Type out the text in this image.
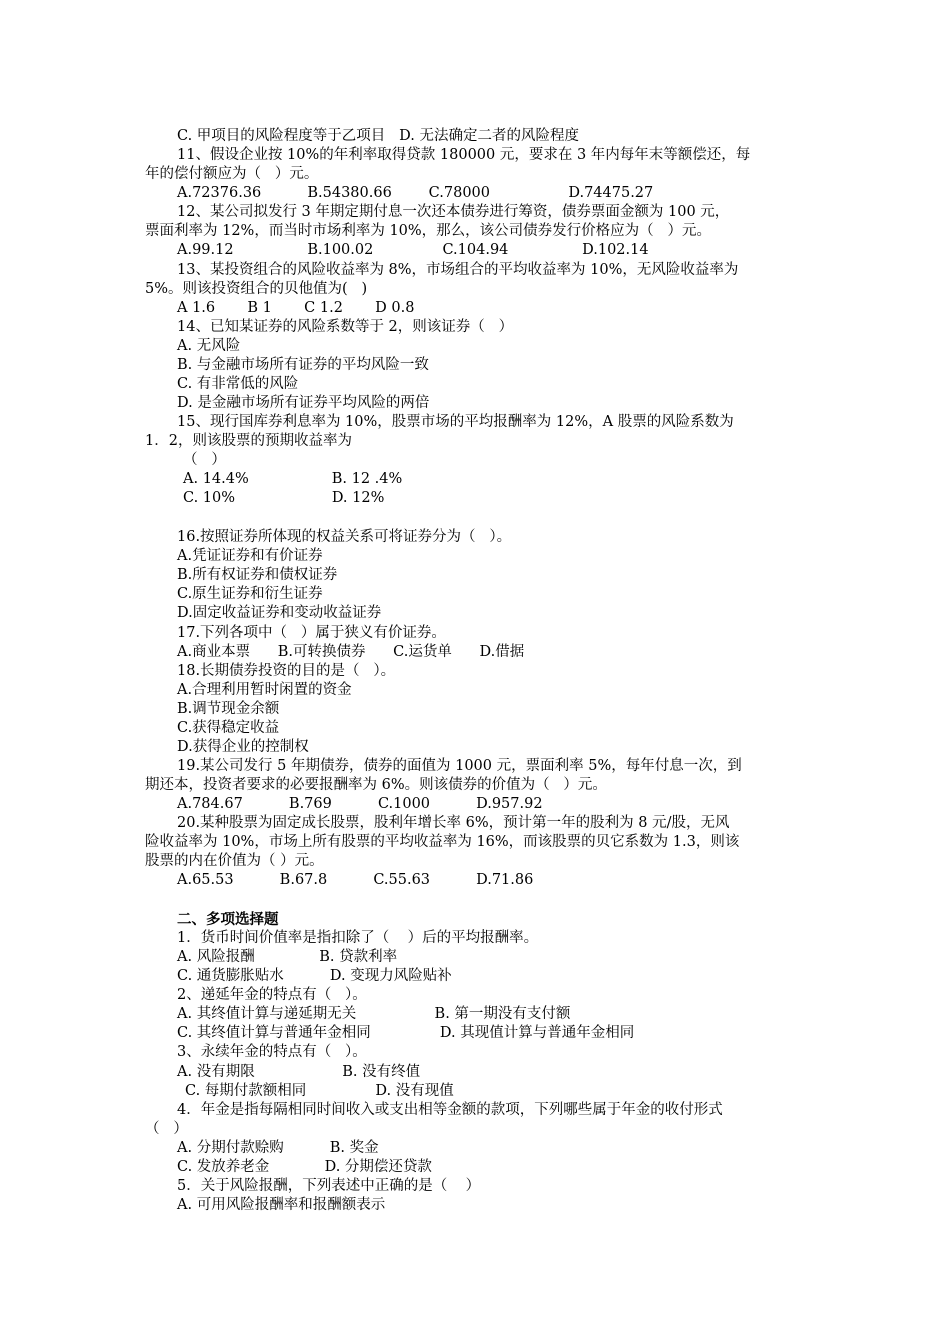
C. 甲项目的风险程度等于乙项目   D. 无法确定二者的风险程度
11、假设企业按 10%的年利率取得贷款 180000 元，要求在 3 年内每年末等额偿还，每
年的偿付额应为（   ）元。
A.72376.36          B.54380.66        C.78000                 D.74475.27
12、某公司拟发行 3 年期定期付息一次还本债券进行筹资，债券票面金额为 100 元，
票面利率为 12%，而当时市场利率为 10%，那么，该公司债券发行价格应为（   ）元。
A.99.12                B.100.02               C.104.94                D.102.14
13、某投资组合的风险收益率为 8%，市场组合的平均收益率为 10%，无风险收益率为
5%。则该投资组合的贝他值为(   )
A 1.6       B 1       C 1.2       D 0.8
14、已知某证券的风险系数等于 2，则该证券（   ）
A. 无风险
B. 与金融市场所有证券的平均风险一致
C. 有非常低的风险
D. 是金融市场所有证券平均风险的两倍
15、现行国库券利息率为 10%，股票市场的平均报酬率为 12%，A 股票的风险系数为
1．2，则该股票的预期收益率为
（   ）
A. 14.4%                  B. 12 .4%
C. 10%                     D. 12%
16.按照证券所体现的权益关系可将证券分为（   ）。
A.凭证证券和有价证券
B.所有权证券和债权证券
C.原生证券和衍生证券
D.固定收益证券和变动收益证券
17.下列各项中（   ）属于狭义有价证券。
A.商业本票      B.可转换债券      C.运货单      D.借据
18.长期债券投资的目的是（   ）。
A.合理利用暂时闲置的资金
B.调节现金余额
C.获得稳定收益
D.获得企业的控制权
19.某公司发行 5 年期债券，债券的面值为 1000 元，票面利率 5%，每年付息一次，到
期还本，投资者要求的必要报酬率为 6%。则该债券的价值为（   ）元。
A.784.67          B.769          C.1000          D.957.92
20.某种股票为固定成长股票，股利年增长率 6%，预计第一年的股利为 8 元/股，无风
险收益率为 10%，市场上所有股票的平均收益率为 16%，而该股票的贝它系数为 1.3，则该
股票的内在价值为（ ）元。
A.65.53          B.67.8          C.55.63          D.71.86
二、多项选择题
1．货币时间价值率是指扣除了（    ）后的平均报酬率。
A. 风险报酬              B. 贷款利率
C. 通货膨胀贴水          D. 变现力风险贴补
2、递延年金的特点有（   ）。
A. 其终值计算与递延期无关                 B. 第一期没有支付额
C. 其终值计算与普通年金相同               D. 其现值计算与普通年金相同
3、永续年金的特点有（   ）。
A. 没有期限                   B. 没有终值
C. 每期付款额相同               D. 没有现值
4．年金是指每隔相同时间收入或支出相等金额的款项，下列哪些属于年金的收付形式
（   ）
A. 分期付款赊购          B. 奖金
C. 发放养老金            D. 分期偿还贷款
5．关于风险报酬，下列表述中正确的是（    ）
A. 可用风险报酬率和报酬额表示
